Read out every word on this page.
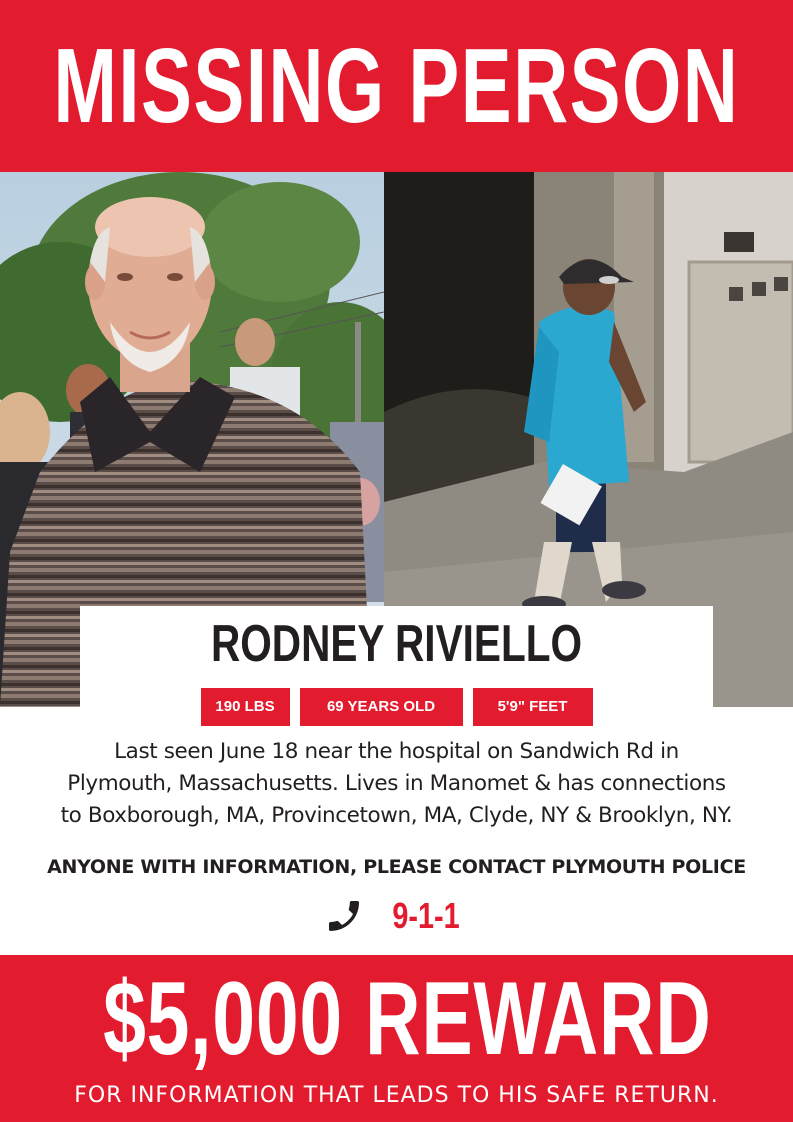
MISSING PERSON
RODNEY RIVIELLO
190 LBS	69 YEARS OLD	5'9" FEET
Last seen June 18 near the hospital on Sandwich Rd in
Plymouth, Massachusetts. Lives in Manomet & has connections
to Boxborough, MA, Provincetown, MA, Clyde, NY & Brooklyn, NY.
ANYONE WITH INFORMATION, PLEASE CONTACT PLYMOUTH POLICE
9-1-1
$5,000 REWARD
FOR INFORMATION THAT LEADS TO HIS SAFE RETURN.
